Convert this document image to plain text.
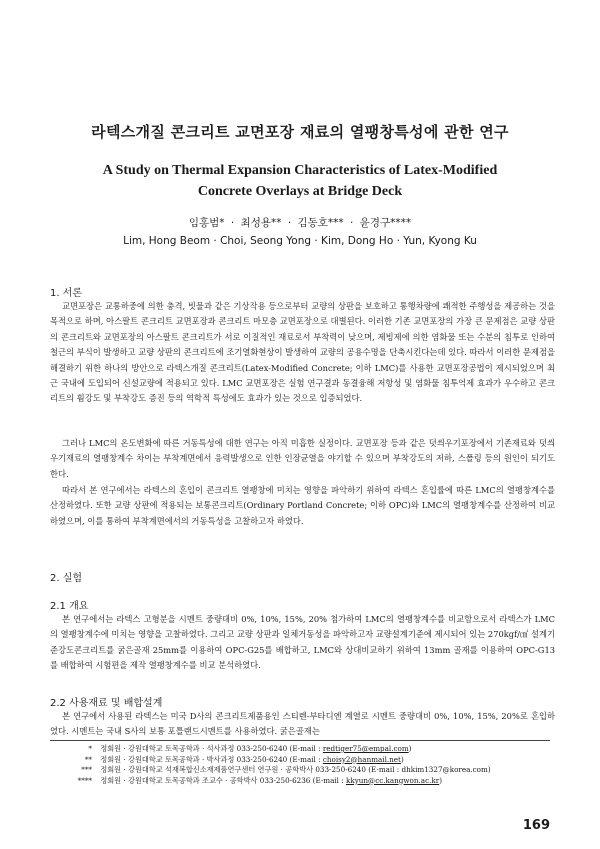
라텍스개질 콘크리트 교면포장 재료의 열팽창특성에 관한 연구
A Study on Thermal Expansion Characteristics of Latex-Modified
Concrete Overlays at Bridge Deck
임홍범* · 최성용** · 김동호*** · 윤경구****
Lim, Hong Beom · Choi, Seong Yong · Kim, Dong Ho · Yun, Kyong Ku
1. 서론

교면포장은 교통하중에 의한 충격, 빗물과 같은 기상작용 등으로부터 교량의 상판을 보호하고 통행차량에 쾌적한 주행성을 제공하는 것을 목적으로 하며, 아스팔트 콘크리트 교면포장과 콘크리트 마모층 교면포장으로 대별된다. 이러한 기존 교면포장의 가장 큰 문제점은 교량 상판의 콘크리트와 교면포장의 아스팔트 콘크리트가 서로 이질적인 재료로서 부착력이 낮으며, 제빙제에 의한 염화물 또는 수분의 침투로 인하여 철근의 부식이 발생하고 교량 상판의 콘크리트에 조기열화현상이 발생하여 교량의 공용수명을 단축시킨다는데 있다. 따라서 이러한 문제점을 해결하기 위한 하나의 방안으로 라텍스개질 콘크리트(Latex-Modified Concrete; 이하 LMC)를 사용한 교면포장공법이 제시되었으며 최근 국내에 도입되어 신설교량에 적용되고 있다. LMC 교면포장은 실험 연구결과 동결융해 저항성 및 염화물 침투억제 효과가 우수하고 콘크리트의 휨강도 및 부착강도 증진 등의 역학적 특성에도 효과가 있는 것으로 입증되었다.

그러나 LMC의 온도변화에 따른 거동특성에 대한 연구는 아직 미흡한 실정이다. 교면포장 등과 같은 덧씌우기포장에서 기존재료와 덧씌우기재료의 열팽창계수 차이는 부착계면에서 응력발생으로 인한 인장균열을 야기할 수 있으며 부착강도의 저하, 스폴링 등의 원인이 되기도 한다.

따라서 본 연구에서는 라텍스의 혼입이 콘크리트 열팽창에 미치는 영향을 파악하기 위하여 라텍스 혼입률에 따른 LMC의 열팽창계수를 산정하였다. 또한 교량 상판에 적용되는 보통콘크리트(Ordinary Portland Concrete; 이하 OPC)와 LMC의 열팽창계수를 산정하여 비교하였으며, 이를 통하여 부착계면에서의 거동특성을 고찰하고자 하였다.

2. 실험
2.1 개요

본 연구에서는 라텍스 고형분을 시멘트 중량대비 0%, 10%, 15%, 20% 첨가하여 LMC의 열팽창계수를 비교함으로서 라텍스가 LMC의 열팽창계수에 미치는 영향을 고찰하였다. 그리고 교량 상판과 일체거동성을 파악하고자 교량설계기준에 제시되어 있는 270kgf/㎠ 설계기준강도콘크리트를 굵은골재 25mm를 이용하여 OPC-G25를 배합하고, LMC와 상대비교하기 위하여 13mm 골재를 이용하여 OPC-G13를 배합하여 시험편을 제작 열팽창계수를 비교 분석하였다.

2.2 사용재료 및 배합설계

본 연구에서 사용된 라텍스는 미국 D사의 콘크리트제품용인 스티렌-부타디엔 계열로 시멘트 중량대비 0%, 10%, 15%, 20%로 혼입하였다. 시멘트는 국내 S사의 보통 포틀랜드시멘트를 사용하였다. 굵은골재는

* 정회원 · 강원대학교 토목공학과 · 석사과정 033-250-6240 (E-mail : redtiger75@empal.com)
** 정회원 · 강원대학교 토목공학과 · 박사과정 033-250-6240 (E-mail : choisy2@hanmail.net)
*** 정회원 · 강원대학교 석재복합신소재제품연구센터 연구원 · 공학박사 033-250-6240 (E-mail : dhkim1327@korea.com)
**** 정회원 · 강원대학교 토목공학과 조교수 · 공학박사 033-250-6236 (E-mail : kkyun@cc.kangwon.ac.kr)
169
